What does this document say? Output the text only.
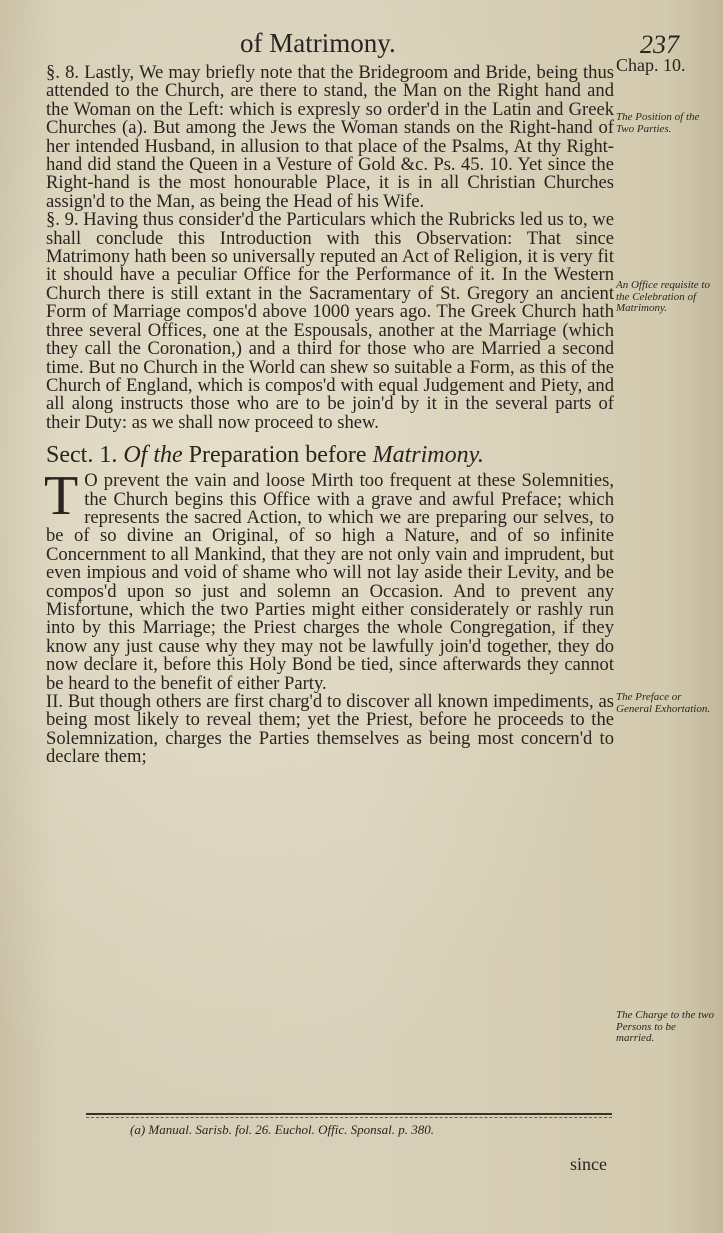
of Matrimony.	237

§. 8. Lastly, We may briefly note that the Bridegroom and Bride, being thus attended to the Church, are there to stand, the Man on the Right hand and the Woman on the Left: which is expresly so order'd in the Latin and Greek Churches (a). But among the Jews the Woman stands on the Right-hand of her intended Husband, in allusion to that place of the Psalms, At thy Right-hand did stand the Queen in a Vesture of Gold &c. Ps. 45. 10. Yet since the Right-hand is the most honourable Place, it is in all Christian Churches assign'd to the Man, as being the Head of his Wife.

§. 9. Having thus consider'd the Particulars which the Rubricks led us to, we shall conclude this Introduction with this Observation: That since Matrimony hath been so universally reputed an Act of Religion, it is very fit it should have a peculiar Office for the Performance of it. In the Western Church there is still extant in the Sacramentary of St. Gregory an ancient Form of Marriage compos'd above 1000 years ago. The Greek Church hath three several Offices, one at the Espousals, another at the Marriage (which they call the Coronation,) and a third for those who are Married a second time. But no Church in the World can shew so suitable a Form, as this of the Church of England, which is compos'd with equal Judgement and Piety, and all along instructs those who are to be join'd by it in the several parts of their Duty: as we shall now proceed to shew.

Sect. 1. Of the Preparation before Matrimony.

T O prevent the vain and loose Mirth too frequent at these Solemnities, the Church begins this Office with a grave and awful Preface; which represents the sacred Action, to which we are preparing our selves, to be of so divine an Original, of so high a Nature, and of so infinite Concernment to all Mankind, that they are not only vain and imprudent, but even impious and void of shame who will not lay aside their Levity, and be compos'd upon so just and solemn an Occasion. And to prevent any Misfortune, which the two Parties might either considerately or rashly run into by this Marriage; the Priest charges the whole Congregation, if they know any just cause why they may not be lawfully join'd together, they do now declare it, before this Holy Bond be tied, since afterwards they cannot be heard to the benefit of either Party.

II. But though others are first charg'd to discover all known impediments, as being most likely to reveal them; yet the Priest, before he proceeds to the Solemnization, charges the Parties themselves as being most concern'd to declare them;

Chap. 10.
The Position of the Two Parties.
An Office requisite to the Celebration of Matrimony.
The Preface or General Exhortation.
The Charge to the two Persons to be married.
(a) Manual. Sarisb. fol. 26. Euchol. Offic. Sponsal. p. 380.
since
